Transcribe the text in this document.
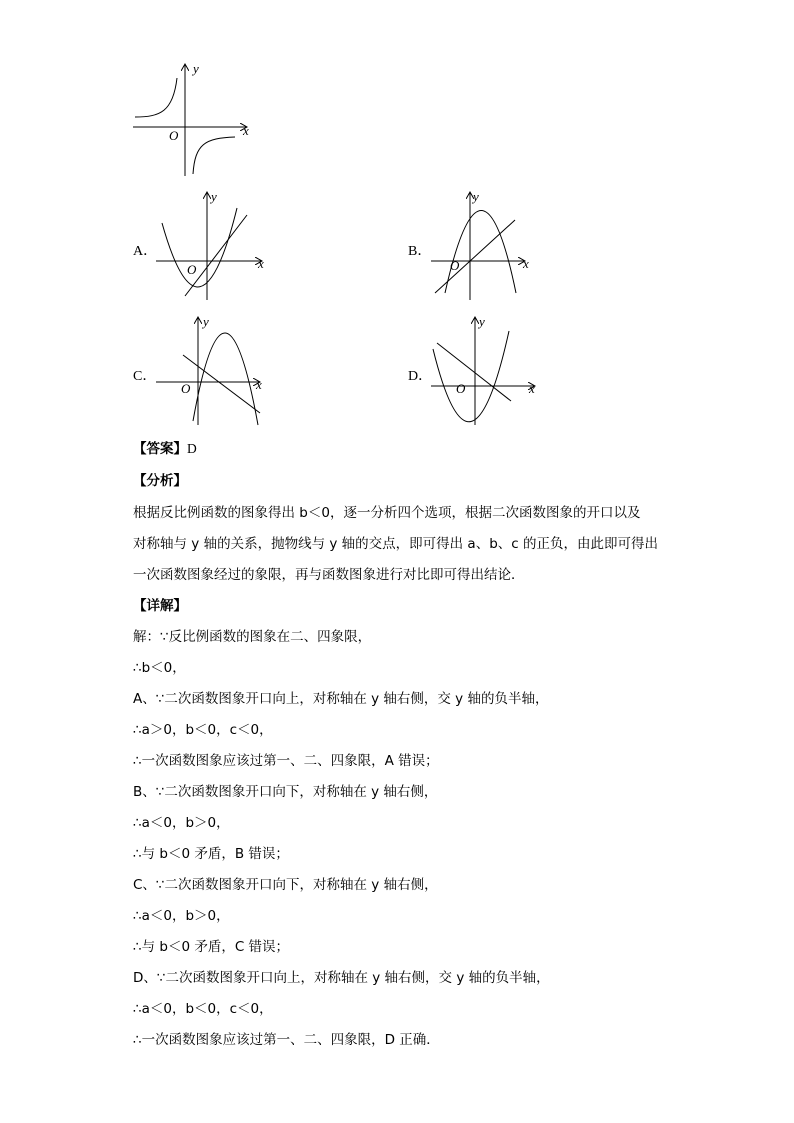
y
x
O
A．
y
x
O
B．
y
x
O
C．
y
x
O
D．
y
x
O
【答案】D
【分析】
根据反比例函数的图象得出 b＜0，逐一分析四个选项，根据二次函数图象的开口以及
对称轴与 y 轴的关系，抛物线与 y 轴的交点，即可得出 a、b、c 的正负，由此即可得出
一次函数图象经过的象限，再与函数图象进行对比即可得出结论．
【详解】
解：∵反比例函数的图象在二、四象限，
∴b＜0，
A、∵二次函数图象开口向上，对称轴在 y 轴右侧，交 y 轴的负半轴，
∴a＞0，b＜0，c＜0，
∴一次函数图象应该过第一、二、四象限，A 错误；
B、∵二次函数图象开口向下，对称轴在 y 轴右侧，
∴a＜0，b＞0，
∴与 b＜0 矛盾，B 错误；
C、∵二次函数图象开口向下，对称轴在 y 轴右侧，
∴a＜0，b＞0，
∴与 b＜0 矛盾，C 错误；
D、∵二次函数图象开口向上，对称轴在 y 轴右侧，交 y 轴的负半轴，
∴a＜0，b＜0，c＜0，
∴一次函数图象应该过第一、二、四象限，D 正确．
